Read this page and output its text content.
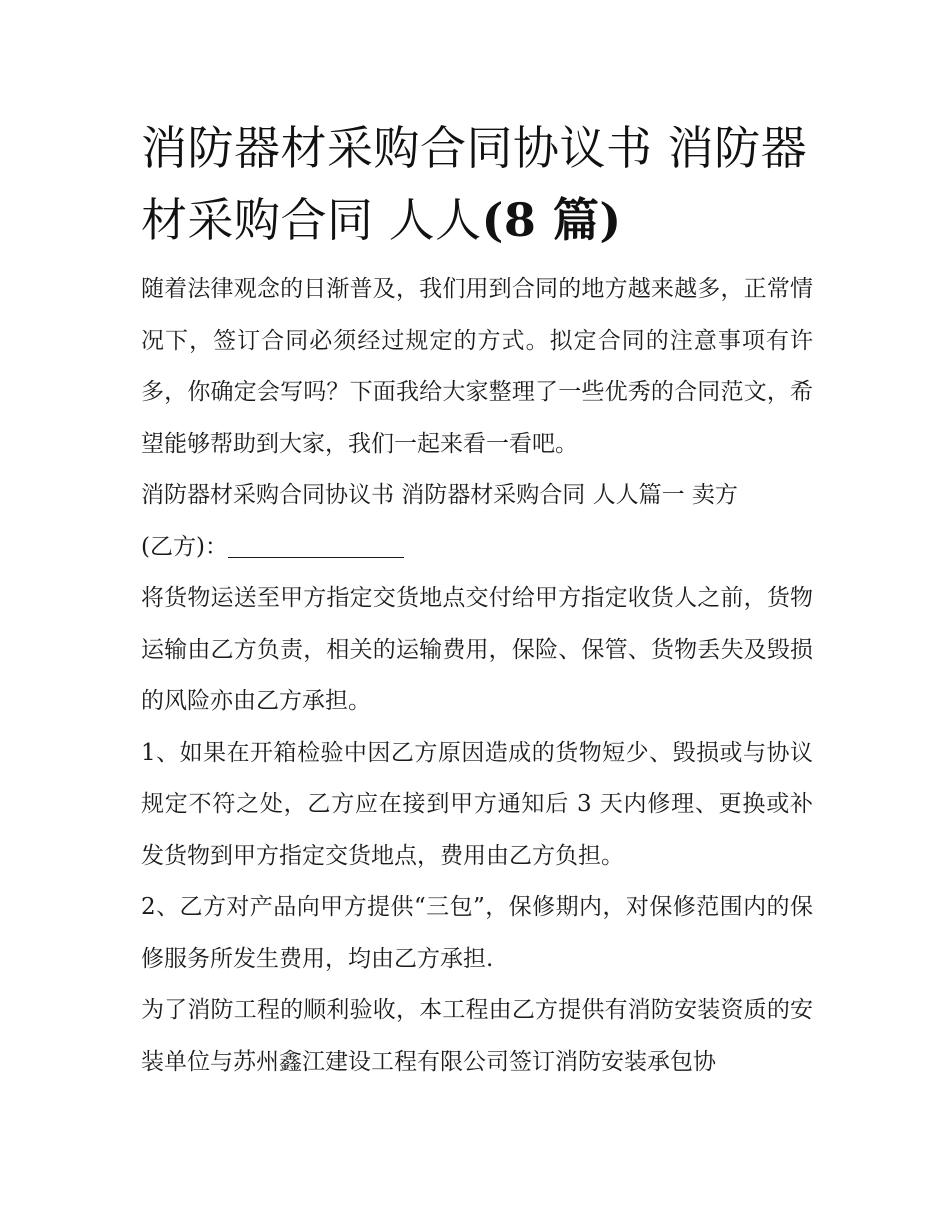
消防器材采购合同协议书 消防器材采购合同 人人(8 篇)

随着法律观念的日渐普及，我们用到合同的地方越来越多，正常情况下，签订合同必须经过规定的方式。拟定合同的注意事项有许多，你确定会写吗？下面我给大家整理了一些优秀的合同范文，希望能够帮助到大家，我们一起来看一看吧。

消防器材采购合同协议书 消防器材采购合同 人人篇一 卖方

(乙方)：

将货物运送至甲方指定交货地点交付给甲方指定收货人之前，货物运输由乙方负责，相关的运输费用，保险、保管、货物丢失及毁损的风险亦由乙方承担。

1、如果在开箱检验中因乙方原因造成的货物短少、毁损或与协议规定不符之处，乙方应在接到甲方通知后 3 天内修理、更换或补发货物到甲方指定交货地点，费用由乙方负担。

2、乙方对产品向甲方提供“三包”，保修期内，对保修范围内的保修服务所发生费用，均由乙方承担.

为了消防工程的顺利验收，本工程由乙方提供有消防安装资质的安装单位与苏州鑫江建设工程有限公司签订消防安装承包协
